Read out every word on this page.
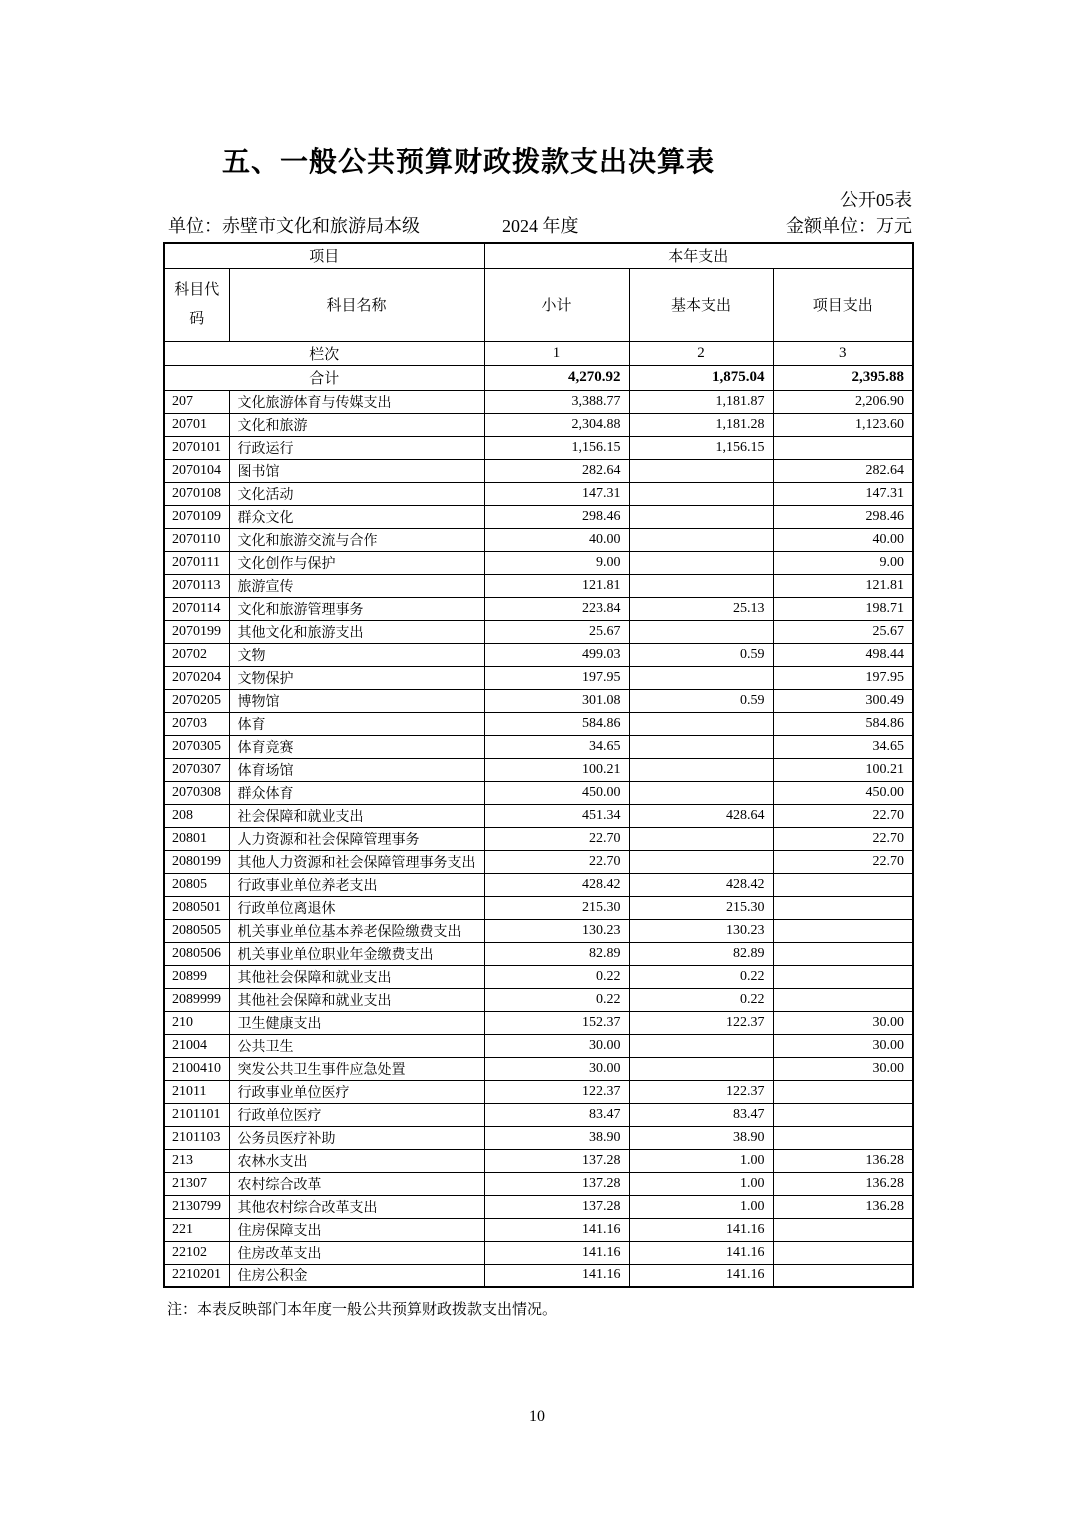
五、一般公共预算财政拨款支出决算表
公开05表
单位：赤壁市文化和旅游局本级	2024 年度	金额单位：万元
项目		本年支出		
科目代码	科目名称	小计	基本支出	项目支出
栏次		1	2	3
合计		4,270.92	1,875.04	2,395.88
207	文化旅游体育与传媒支出	3,388.77	1,181.87	2,206.90
20701	文化和旅游	2,304.88	1,181.28	1,123.60
2070101	行政运行	1,156.15	1,156.15	
2070104	图书馆	282.64		282.64
2070108	文化活动	147.31		147.31
2070109	群众文化	298.46		298.46
2070110	文化和旅游交流与合作	40.00		40.00
2070111	文化创作与保护	9.00		9.00
2070113	旅游宣传	121.81		121.81
2070114	文化和旅游管理事务	223.84	25.13	198.71
2070199	其他文化和旅游支出	25.67		25.67
20702	文物	499.03	0.59	498.44
2070204	文物保护	197.95		197.95
2070205	博物馆	301.08	0.59	300.49
20703	体育	584.86		584.86
2070305	体育竞赛	34.65		34.65
2070307	体育场馆	100.21		100.21
2070308	群众体育	450.00		450.00
208	社会保障和就业支出	451.34	428.64	22.70
20801	人力资源和社会保障管理事务	22.70		22.70
2080199	其他人力资源和社会保障管理事务支出	22.70		22.70
20805	行政事业单位养老支出	428.42	428.42	
2080501	行政单位离退休	215.30	215.30	
2080505	机关事业单位基本养老保险缴费支出	130.23	130.23	
2080506	机关事业单位职业年金缴费支出	82.89	82.89	
20899	其他社会保障和就业支出	0.22	0.22	
2089999	其他社会保障和就业支出	0.22	0.22	
210	卫生健康支出	152.37	122.37	30.00
21004	公共卫生	30.00		30.00
2100410	突发公共卫生事件应急处置	30.00		30.00
21011	行政事业单位医疗	122.37	122.37	
2101101	行政单位医疗	83.47	83.47	
2101103	公务员医疗补助	38.90	38.90	
213	农林水支出	137.28	1.00	136.28
21307	农村综合改革	137.28	1.00	136.28
2130799	其他农村综合改革支出	137.28	1.00	136.28
221	住房保障支出	141.16	141.16	
22102	住房改革支出	141.16	141.16	
2210201	住房公积金	141.16	141.16	
注：本表反映部门本年度一般公共预算财政拨款支出情况。
10
